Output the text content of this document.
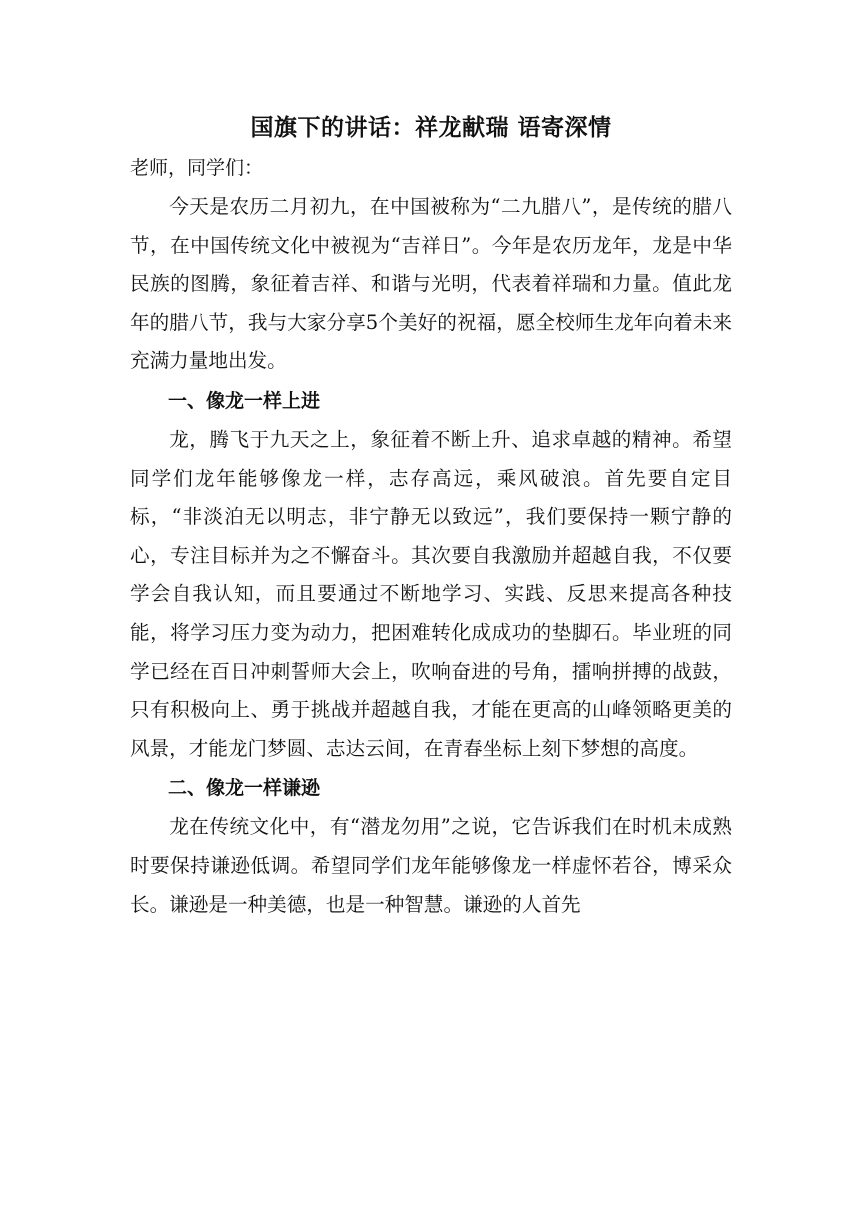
国旗下的讲话：祥龙献瑞 语寄深情

老师，同学们：

今天是农历二月初九，在中国被称为“二九腊八”，是传统的腊八节，在中国传统文化中被视为“吉祥日”。今年是农历龙年，龙是中华民族的图腾，象征着吉祥、和谐与光明，代表着祥瑞和力量。值此龙年的腊八节，我与大家分享5个美好的祝福，愿全校师生龙年向着未来充满力量地出发。

一、像龙一样上进

龙，腾飞于九天之上，象征着不断上升、追求卓越的精神。希望同学们龙年能够像龙一样，志存高远，乘风破浪。首先要自定目标，“非淡泊无以明志，非宁静无以致远”，我们要保持一颗宁静的心，专注目标并为之不懈奋斗。其次要自我激励并超越自我，不仅要学会自我认知，而且要通过不断地学习、实践、反思来提高各种技能，将学习压力变为动力，把困难转化成成功的垫脚石。毕业班的同学已经在百日冲刺誓师大会上，吹响奋进的号角，擂响拼搏的战鼓，只有积极向上、勇于挑战并超越自我，才能在更高的山峰领略更美的风景，才能龙门梦圆、志达云间，在青春坐标上刻下梦想的高度。

二、像龙一样谦逊

龙在传统文化中，有“潜龙勿用”之说，它告诉我们在时机未成熟时要保持谦逊低调。希望同学们龙年能够像龙一样虚怀若谷，博采众长。谦逊是一种美德，也是一种智慧。谦逊的人首先
